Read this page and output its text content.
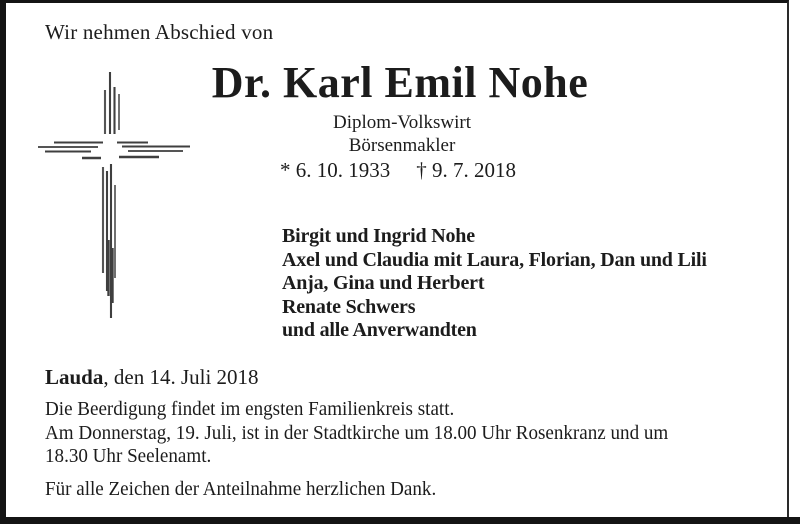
Wir nehmen Abschied von
Dr. Karl Emil Nohe
Diplom-Volkswirt
Börsenmakler
* 6. 10. 1933 † 9. 7. 2018
Birgit und Ingrid Nohe
Axel und Claudia mit Laura, Florian, Dan und Lili
Anja, Gina und Herbert
Renate Schwers
und alle Anverwandten
Lauda, den 14. Juli 2018
Die Beerdigung findet im engsten Familienkreis statt.
Am Donnerstag, 19. Juli, ist in der Stadtkirche um 18.00 Uhr Rosenkranz und um
18.30 Uhr Seelenamt.
Für alle Zeichen der Anteilnahme herzlichen Dank.
